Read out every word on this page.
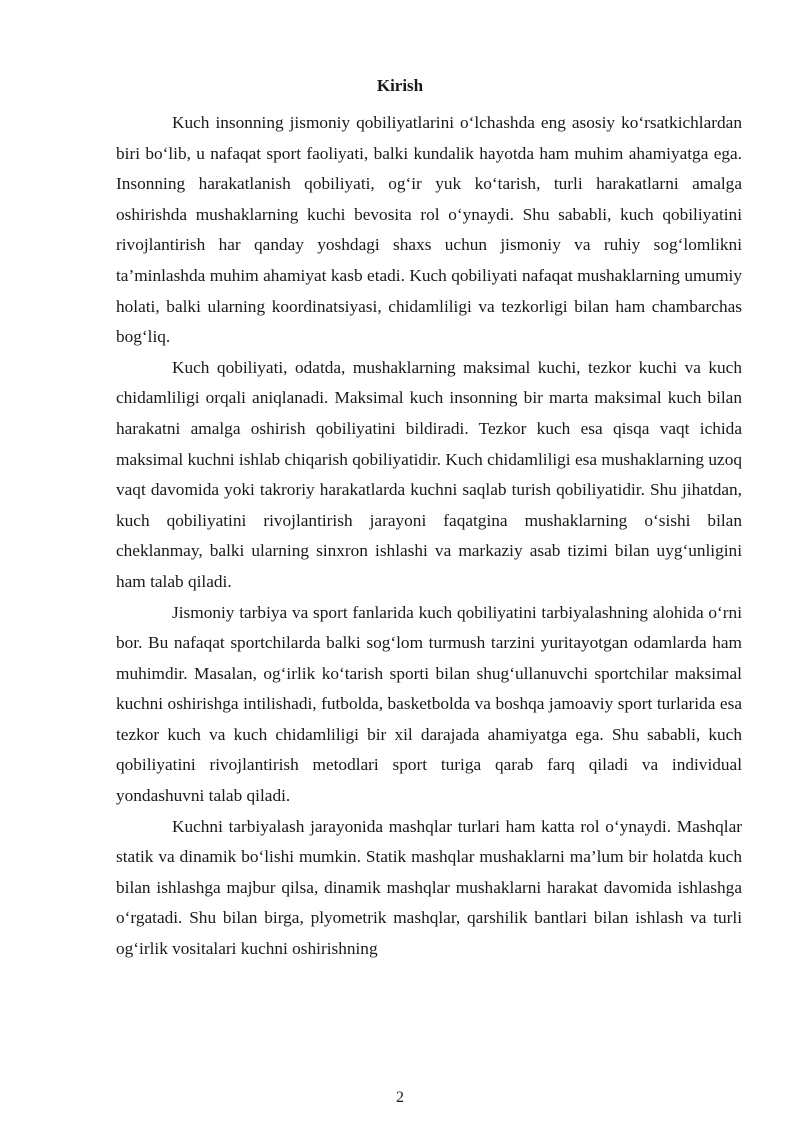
Kirish

Kuch insonning jismoniy qobiliyatlarini o‘lchashda eng asosiy ko‘rsatkichlardan biri bo‘lib, u nafaqat sport faoliyati, balki kundalik hayotda ham muhim ahamiyatga ega. Insonning harakatlanish qobiliyati, og‘ir yuk ko‘tarish, turli harakatlarni amalga oshirishda mushaklarning kuchi bevosita rol o‘ynaydi. Shu sababli, kuch qobiliyatini rivojlantirish har qanday yoshdagi shaxs uchun jismoniy va ruhiy sog‘lomlikni ta’minlashda muhim ahamiyat kasb etadi. Kuch qobiliyati nafaqat mushaklarning umumiy holati, balki ularning koordinatsiyasi, chidamliligi va tezkorligi bilan ham chambarchas bog‘liq.

Kuch qobiliyati, odatda, mushaklarning maksimal kuchi, tezkor kuchi va kuch chidamliligi orqali aniqlanadi. Maksimal kuch insonning bir marta maksimal kuch bilan harakatni amalga oshirish qobiliyatini bildiradi. Tezkor kuch esa qisqa vaqt ichida maksimal kuchni ishlab chiqarish qobiliyatidir. Kuch chidamliligi esa mushaklarning uzoq vaqt davomida yoki takroriy harakatlarda kuchni saqlab turish qobiliyatidir. Shu jihatdan, kuch qobiliyatini rivojlantirish jarayoni faqatgina mushaklarning o‘sishi bilan cheklanmay, balki ularning sinxron ishlashi va markaziy asab tizimi bilan uyg‘unligini ham talab qiladi.

Jismoniy tarbiya va sport fanlarida kuch qobiliyatini tarbiyalashning alohida o‘rni bor. Bu nafaqat sportchilarda balki sog‘lom turmush tarzini yuritayotgan odamlarda ham muhimdir. Masalan, og‘irlik ko‘tarish sporti bilan shug‘ullanuvchi sportchilar maksimal kuchni oshirishga intilishadi, futbolda, basketbolda va boshqa jamoaviy sport turlarida esa tezkor kuch va kuch chidamliligi bir xil darajada ahamiyatga ega. Shu sababli, kuch qobiliyatini rivojlantirish metodlari sport turiga qarab farq qiladi va individual yondashuvni talab qiladi.

Kuchni tarbiyalash jarayonida mashqlar turlari ham katta rol o‘ynaydi. Mashqlar statik va dinamik bo‘lishi mumkin. Statik mashqlar mushaklarni ma’lum bir holatda kuch bilan ishlashga majbur qilsa, dinamik mashqlar mushaklarni harakat davomida ishlashga o‘rgatadi. Shu bilan birga, plyometrik mashqlar, qarshilik bantlari bilan ishlash va turli og‘irlik vositalari kuchni oshirishning

2
